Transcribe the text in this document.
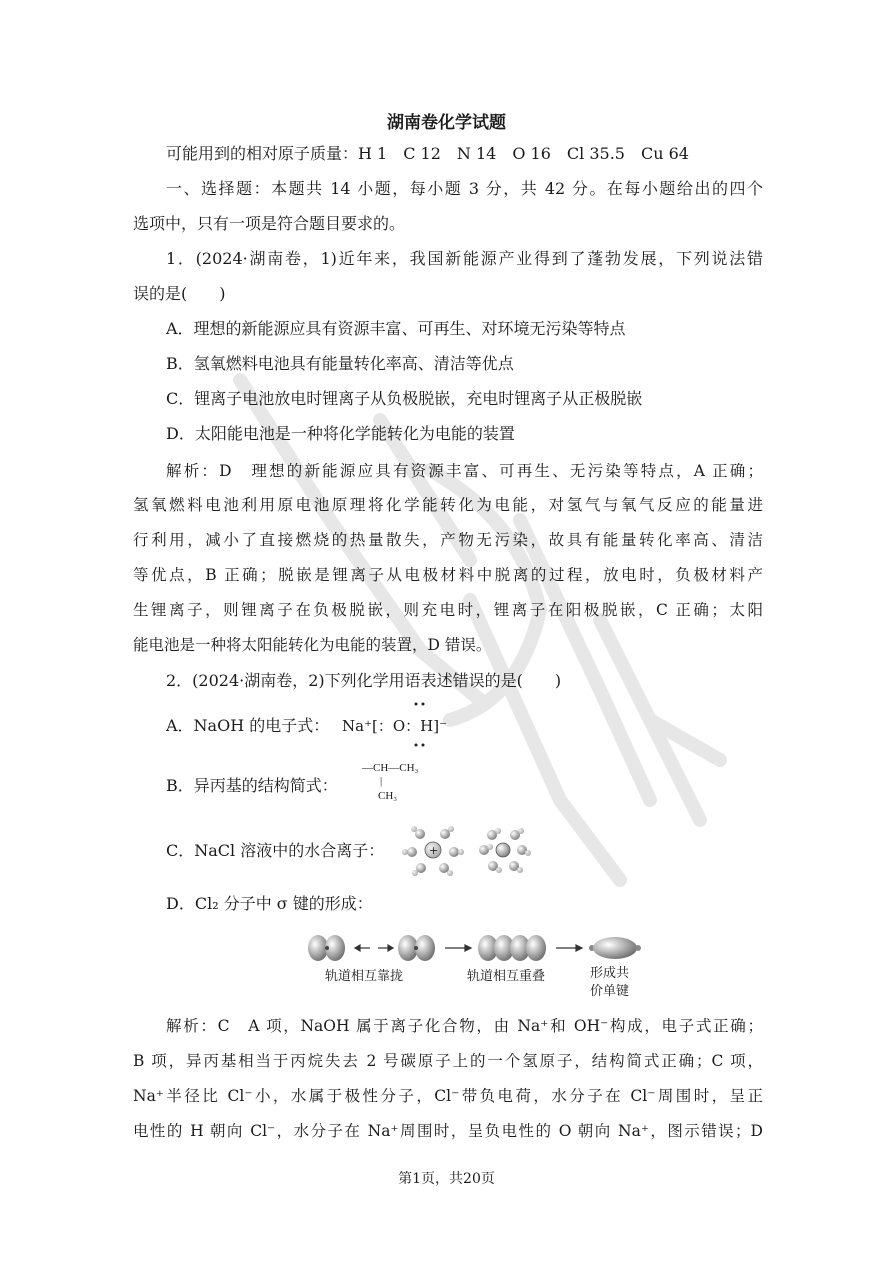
湖南卷化学试题
可能用到的相对原子质量：H 1　C 12　N 14　O 16　Cl 35.5　Cu 64
一、选择题：本题共 14 小题，每小题 3 分，共 42 分。在每小题给出的四个
选项中，只有一项是符合题目要求的。
1．(2024·湖南卷，1)近年来，我国新能源产业得到了蓬勃发展，下列说法错
误的是(　　)
A．理想的新能源应具有资源丰富、可再生、对环境无污染等特点
B．氢氧燃料电池具有能量转化率高、清洁等优点
C．锂离子电池放电时锂离子从负极脱嵌，充电时锂离子从正极脱嵌
D．太阳能电池是一种将化学能转化为电能的装置
解析：D　理想的新能源应具有资源丰富、可再生、无污染等特点，A 正确；
氢氧燃料电池利用原电池原理将化学能转化为电能，对氢气与氧气反应的能量进
行利用，减小了直接燃烧的热量散失，产物无污染，故具有能量转化率高、清洁
等优点，B 正确；脱嵌是锂离子从电极材料中脱离的过程，放电时，负极材料产
生锂离子，则锂离子在负极脱嵌，则充电时，锂离子在阳极脱嵌，C 正确；太阳
能电池是一种将太阳能转化为电能的装置，D 错误。
2．(2024·湖南卷，2)下列化学用语表述错误的是(　　)
A．NaOH 的电子式： Na⁺[：O：H]⁻
B．异丙基的结构简式：
—CH—CH₃
|
CH₃
C．NaCl 溶液中的水合离子：	+
D．Cl₂ 分子中 σ 键的形成：
轨道相互靠拢	轨道相互重叠	形成共
价单键
解析：C　A 项，NaOH 属于离子化合物，由 Na⁺和 OH⁻构成，电子式正确；
B 项，异丙基相当于丙烷失去 2 号碳原子上的一个氢原子，结构简式正确；C 项，
Na⁺半径比 Cl⁻小，水属于极性分子，Cl⁻带负电荷，水分子在 Cl⁻周围时，呈正
电性的 H 朝向 Cl⁻，水分子在 Na⁺周围时，呈负电性的 O 朝向 Na⁺，图示错误；D
第1页，共20页
